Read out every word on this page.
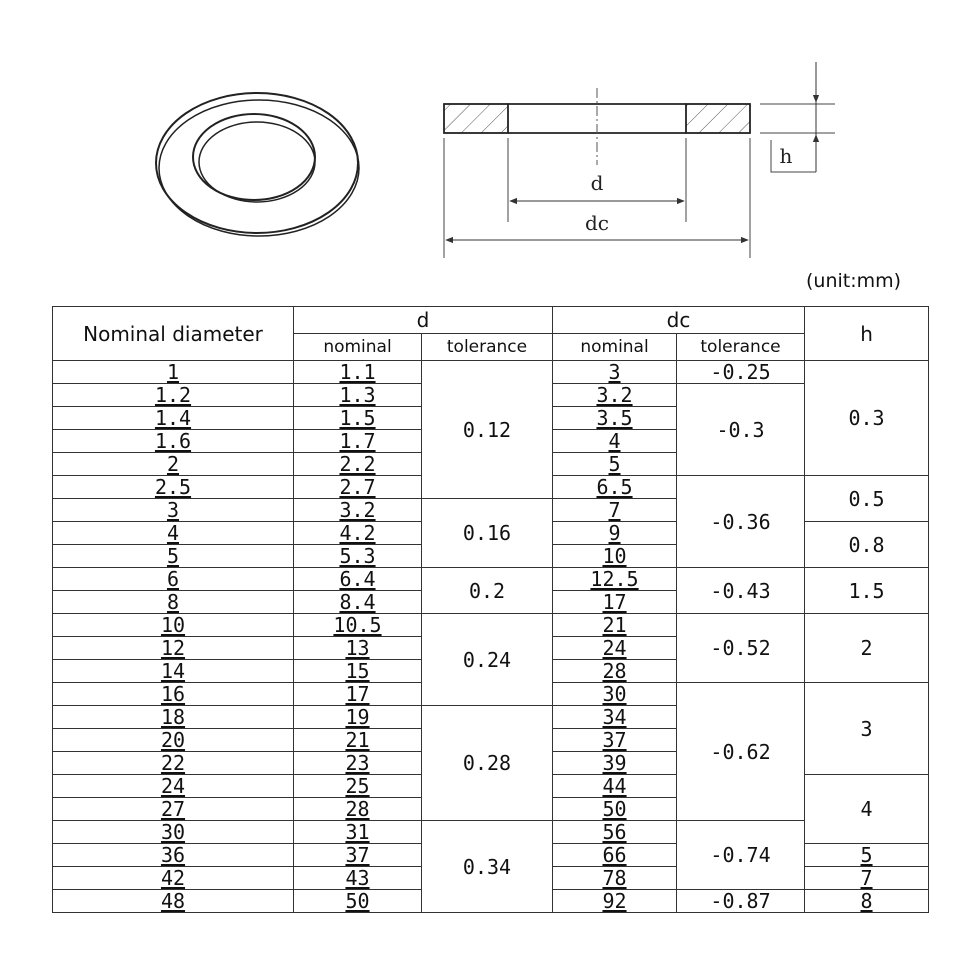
d
dc
h
(unit:mm)
Nominal diameter	d		dc		h
	nominal	tolerance	nominal	tolerance	
1	1.1	0.12	3	-0.25	0.3
1.2	1.3		3.2	-0.3	
1.4	1.5		3.5		
1.6	1.7		4		
2	2.2		5		
2.5	2.7		6.5	-0.36	0.5
3	3.2	0.16	7		
4	4.2		9		0.8
5	5.3		10		
6	6.4	0.2	12.5	-0.43	1.5
8	8.4		17		
10	10.5	0.24	21	-0.52	2
12	13		24		
14	15		28		
16	17		30	-0.62	3
18	19	0.28	34		
20	21		37		
22	23		39		
24	25		44		4
27	28		50		
30	31	0.34	56	-0.74	
36	37		66		5
42	43		78		7
48	50		92	-0.87	8
